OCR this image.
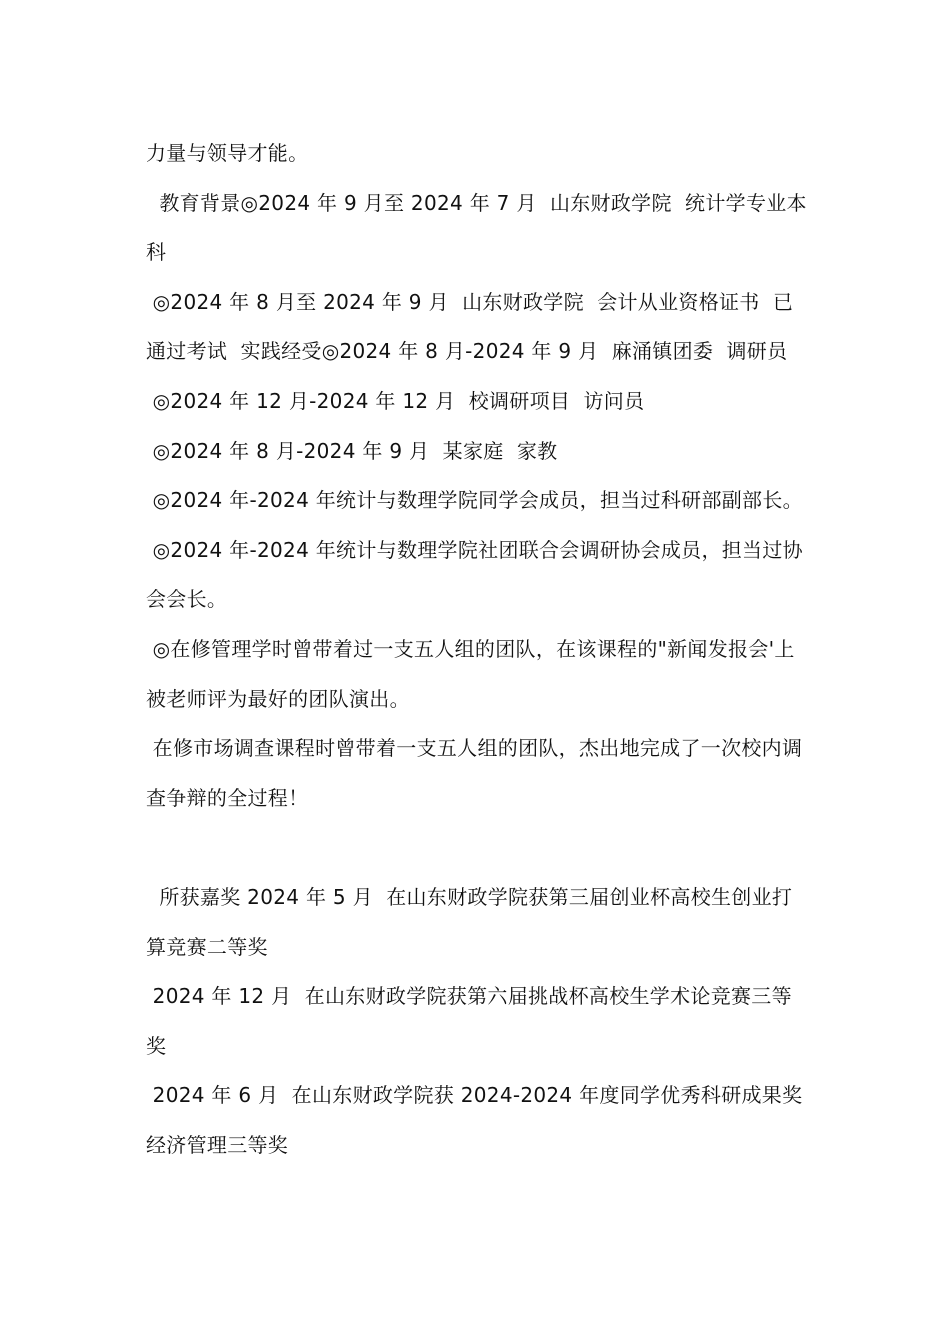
力量与领导才能。

教育背景◎2024 年 9 月至 2024 年 7 月  山东财政学院  统计学专业本科

◎2024 年 8 月至 2024 年 9 月  山东财政学院  会计从业资格证书  已通过考试  实践经受◎2024 年 8 月-2024 年 9 月  麻涌镇团委  调研员

◎2024 年 12 月-2024 年 12 月  校调研项目  访问员

◎2024 年 8 月-2024 年 9 月  某家庭  家教

◎2024 年-2024 年统计与数理学院同学会成员，担当过科研部副部长。

◎2024 年-2024 年统计与数理学院社团联合会调研协会成员，担当过协会会长。

◎在修管理学时曾带着过一支五人组的团队，在该课程的"新闻发报会'上被老师评为最好的团队演出。

在修市场调查课程时曾带着一支五人组的团队，杰出地完成了一次校内调查争辩的全过程！

所获嘉奖 2024 年 5 月  在山东财政学院获第三届创业杯高校生创业打算竞赛二等奖

2024 年 12 月  在山东财政学院获第六届挑战杯高校生学术论竞赛三等奖

2024 年 6 月  在山东财政学院获 2024-2024 年度同学优秀科研成果奖经济管理三等奖
